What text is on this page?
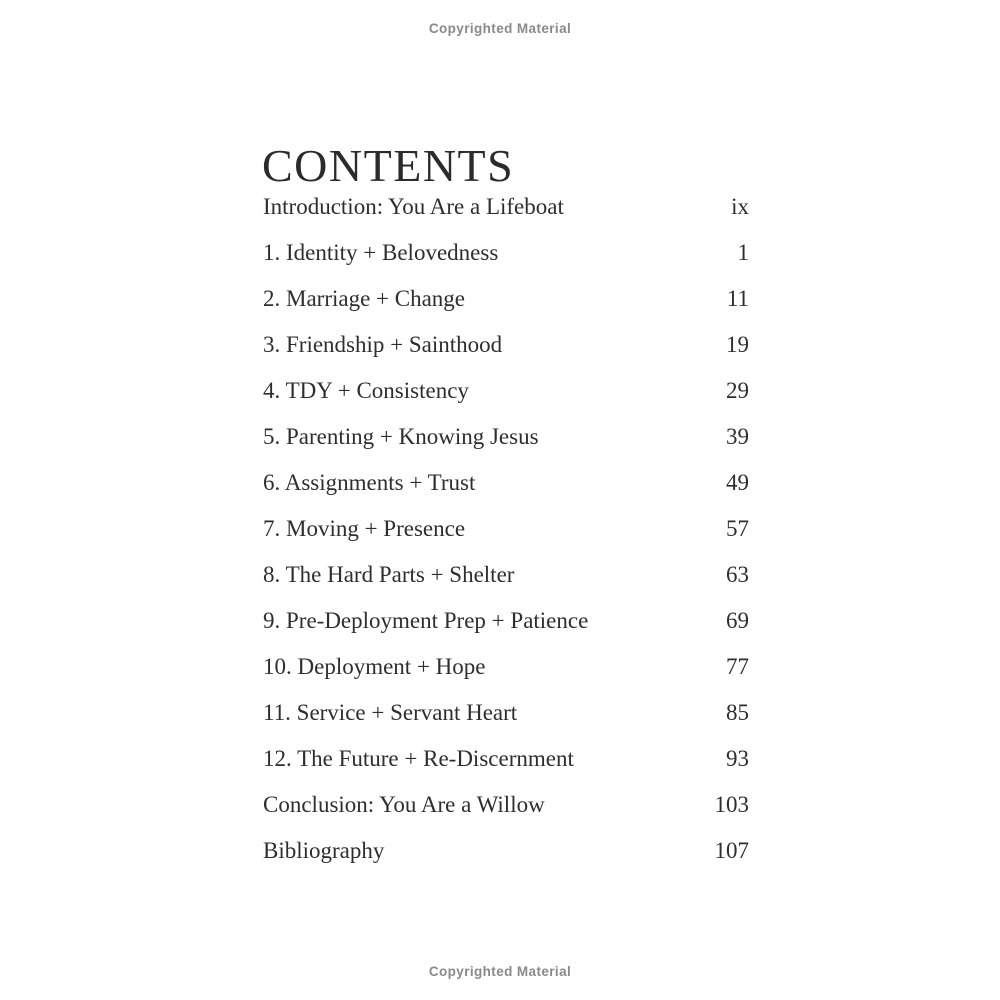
Copyrighted Material
CONTENTS
Introduction: You Are a Lifeboat	ix
1. Identity + Belovedness	1
2. Marriage + Change	11
3. Friendship + Sainthood	19
4. TDY + Consistency	29
5. Parenting + Knowing Jesus	39
6. Assignments + Trust	49
7. Moving + Presence	57
8. The Hard Parts + Shelter	63
9. Pre-Deployment Prep + Patience	69
10. Deployment + Hope	77
11. Service + Servant Heart	85
12. The Future + Re-Discernment	93
Conclusion: You Are a Willow	103
Bibliography	107
Copyrighted Material
